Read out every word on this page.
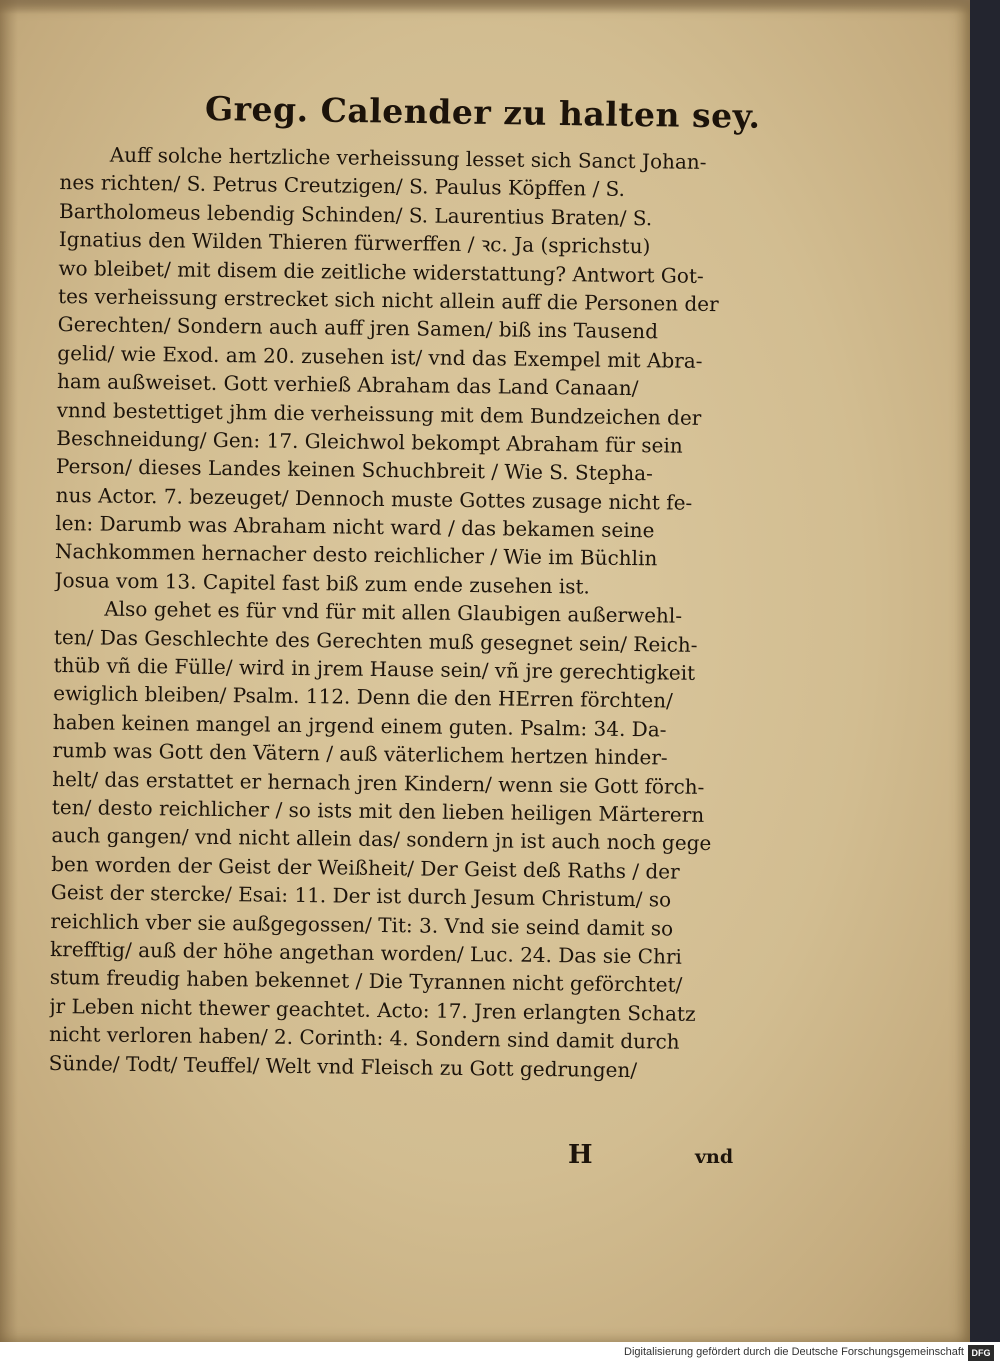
Greg. Calender zu halten sey.
Auff solche hertzliche verheissung lesset sich Sanct Johan-
nes richten/ S. Petrus Creutzigen/ S. Paulus Köpffen / S.
Bartholomeus lebendig Schinden/ S. Laurentius Braten/ S.
Ignatius den Wilden Thieren fürwerffen / ꝛc. Ja (sprichstu)
wo bleibet/ mit disem die zeitliche widerstattung? Antwort Got-
tes verheissung erstrecket sich nicht allein auff die Personen der
Gerechten/ Sondern auch auff jren Samen/ biß ins Tausend
gelid/ wie Exod. am 20. zusehen ist/ vnd das Exempel mit Abra-
ham außweiset. Gott verhieß Abraham das Land Canaan/
vnnd bestettiget jhm die verheissung mit dem Bundzeichen der
Beschneidung/ Gen: 17. Gleichwol bekompt Abraham für sein
Person/ dieses Landes keinen Schuchbreit / Wie S. Stepha-
nus Actor. 7. bezeuget/ Dennoch muste Gottes zusage nicht fe-
len: Darumb was Abraham nicht ward / das bekamen seine
Nachkommen hernacher desto reichlicher / Wie im Büchlin
Josua vom 13. Capitel fast biß zum ende zusehen ist.
Also gehet es für vnd für mit allen Glaubigen außerwehl-
ten/ Das Geschlechte des Gerechten muß gesegnet sein/ Reich-
thüb vñ die Fülle/ wird in jrem Hause sein/ vñ jre gerechtigkeit
ewiglich bleiben/ Psalm. 112. Denn die den HErren förchten/
haben keinen mangel an jrgend einem guten. Psalm: 34. Da-
rumb was Gott den Vätern / auß väterlichem hertzen hinder-
helt/ das erstattet er hernach jren Kindern/ wenn sie Gott förch-
ten/ desto reichlicher / so ists mit den lieben heiligen Märterern
auch gangen/ vnd nicht allein das/ sondern jn ist auch noch gege
ben worden der Geist der Weißheit/ Der Geist deß Raths / der
Geist der stercke/ Esai: 11. Der ist durch Jesum Christum/ so
reichlich vber sie außgegossen/ Tit: 3. Vnd sie seind damit so
krefftig/ auß der höhe angethan worden/ Luc. 24. Das sie Chri
stum freudig haben bekennet / Die Tyrannen nicht geförchtet/
jr Leben nicht thewer geachtet. Acto: 17. Jren erlangten Schatz
nicht verloren haben/ 2. Corinth: 4. Sondern sind damit durch
Sünde/ Todt/ Teuffel/ Welt vnd Fleisch zu Gott gedrungen/
H	vnd
Digitalisierung gefördert durch die Deutsche Forschungsgemeinschaft DFG
